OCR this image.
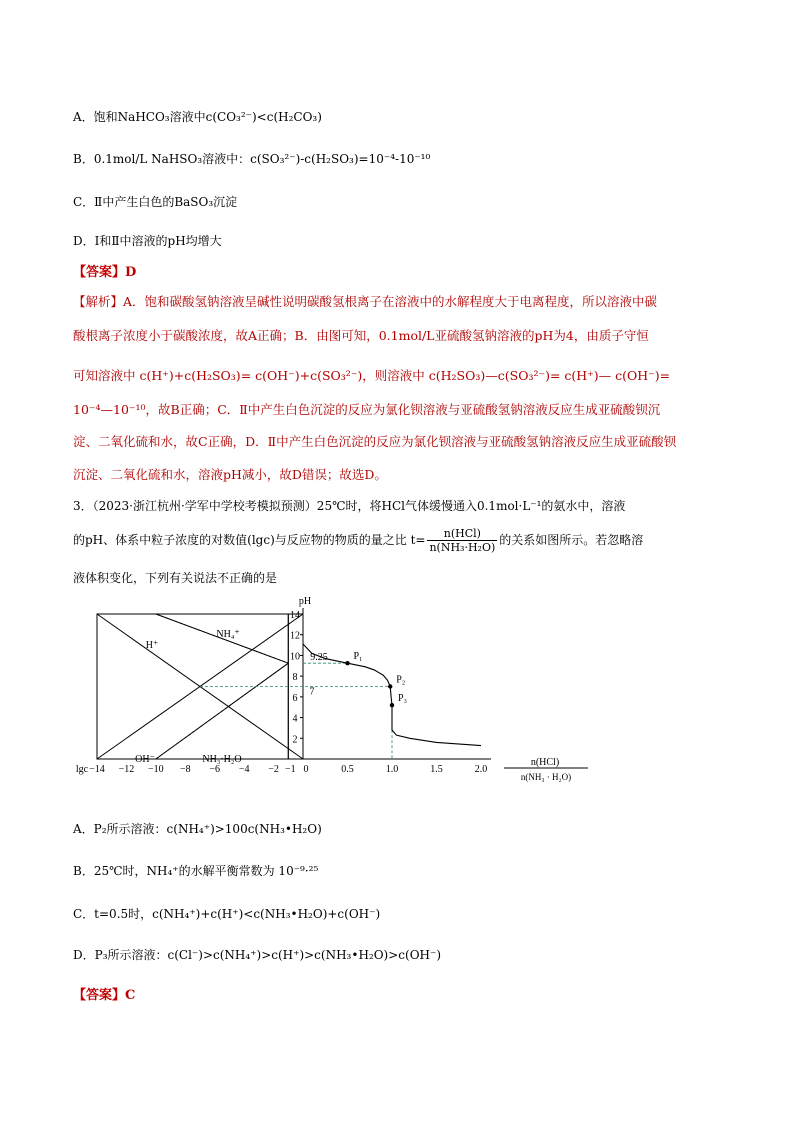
A．饱和NaHCO₃溶液中c(CO₃²⁻)<c(H₂CO₃)
B．0.1mol/L NaHSO₃溶液中：c(SO₃²⁻)-c(H₂SO₃)=10⁻⁴-10⁻¹⁰
C．Ⅱ中产生白色的BaSO₃沉淀
D．Ⅰ和Ⅱ中溶液的pH均增大
【答案】D
【解析】A．饱和碳酸氢钠溶液呈碱性说明碳酸氢根离子在溶液中的水解程度大于电离程度，所以溶液中碳
酸根离子浓度小于碳酸浓度，故A正确；B．由图可知，0.1mol/L亚硫酸氢钠溶液的pH为4，由质子守恒
可知溶液中 c(H⁺)+c(H₂SO₃)= c(OH⁻)+c(SO₃²⁻)，则溶液中 c(H₂SO₃)—c(SO₃²⁻)= c(H⁺)— c(OH⁻)=
10⁻⁴—10⁻¹⁰，故B正确；C．Ⅱ中产生白色沉淀的反应为氯化钡溶液与亚硫酸氢钠溶液反应生成亚硫酸钡沉
淀、二氧化硫和水，故C正确，D．Ⅱ中产生白色沉淀的反应为氯化钡溶液与亚硫酸氢钠溶液反应生成亚硫酸钡
沉淀、二氧化硫和水，溶液pH减小，故D错误；故选D。
3．（2023·浙江杭州·学军中学校考模拟预测）25℃时，将HCl气体缓慢通入0.1mol·L⁻¹的氨水中，溶液
的pH、体系中粒子浓度的对数值(lgc)与反应物的物质的量之比 $t= \frac{\text{n(HCl)}}{\text{n(NH₃·H₂O)}}$ 的关系如图所示。若忽略溶
液体积变化，下列有关说法不正确的是
P₁
P₂
P₃
−14 −12 −10 −8 −6 −4 −2 −1 0
lgc
2
4
6
8
10
12
14
pH
9.25
7
0.5	1.0	1.5	2.0
n(HCl)
n(NH₃ · H₂O)
H⁺
NH₄⁺
OH⁻	NH₃·H₂O
A．P₂所示溶液：c(NH₄⁺)>100c(NH₃•H₂O)
B．25℃时，NH₄⁺的水解平衡常数为 10⁻⁹·²⁵
C．t=0.5时，c(NH₄⁺)+c(H⁺)<c(NH₃•H₂O)+c(OH⁻)
D．P₃所示溶液：c(Cl⁻)>c(NH₄⁺)>c(H⁺)>c(NH₃•H₂O)>c(OH⁻)
【答案】C
